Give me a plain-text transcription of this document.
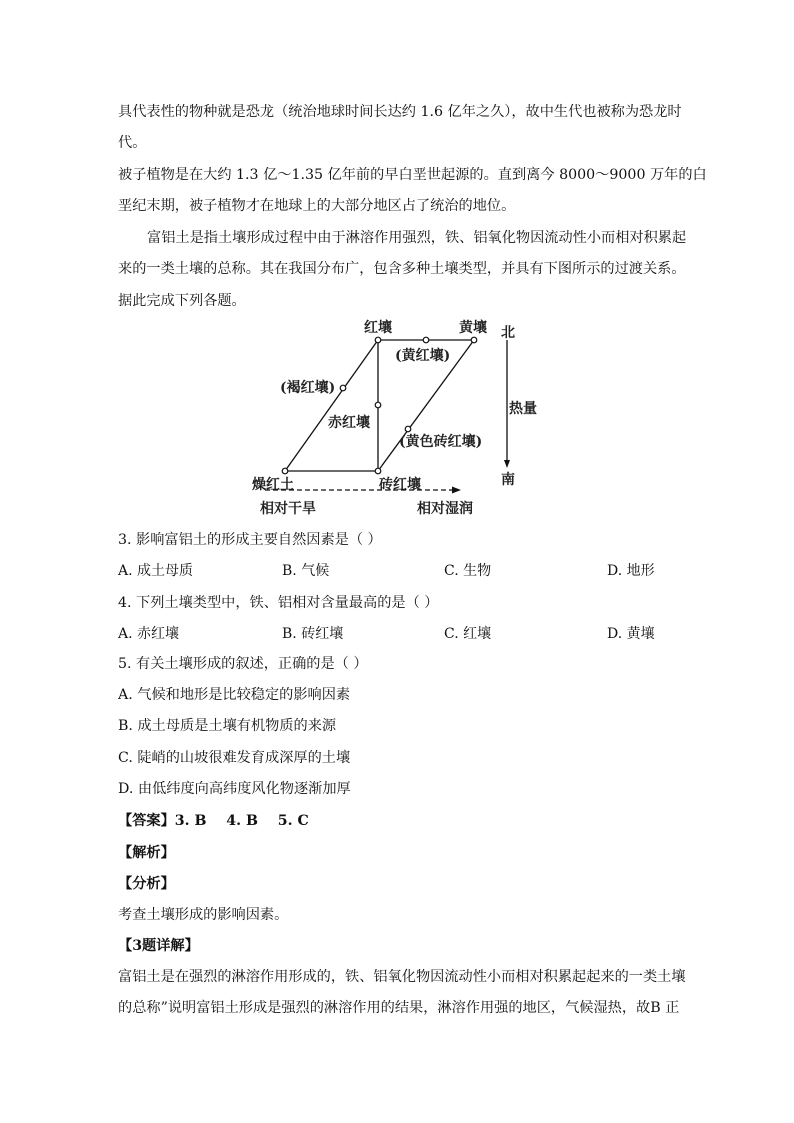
具代表性的物种就是恐龙（统治地球时间长达约 1.6 亿年之久），故中生代也被称为恐龙时
代。
被子植物是在大约 1.3 亿～1.35 亿年前的早白垩世起源的。直到离今 8000～9000 万年的白
垩纪末期，被子植物才在地球上的大部分地区占了统治的地位。
富铝土是指土壤形成过程中由于淋溶作用强烈，铁、铝氧化物因流动性小而相对积累起
来的一类土壤的总称。其在我国分布广，包含多种土壤类型，并具有下图所示的过渡关系。
据此完成下列各题。
红壤	黄壤
(黄红壤)
(褐红壤)
赤红壤
(黄色砖红壤)
燥红土	砖红壤
北
热量
南
相对干旱	相对湿润
3. 影响富铝土的形成主要自然因素是（ ）
A. 成土母质	B. 气候	C. 生物	D. 地形
4. 下列土壤类型中，铁、铝相对含量最高的是（ ）
A. 赤红壤	B. 砖红壤	C. 红壤	D. 黄壤
5. 有关土壤形成的叙述，正确的是（ ）
A. 气候和地形是比较稳定的影响因素
B. 成土母质是土壤有机物质的来源
C. 陡峭的山坡很难发育成深厚的土壤
D. 由低纬度向高纬度风化物逐渐加厚
【答案】3. B    4. B    5. C
【解析】
【分析】
考查土壤形成的影响因素。
【3题详解】
富铝土是在强烈的淋溶作用形成的，铁、铝氧化物因流动性小而相对积累起起来的一类土壤
的总称”说明富铝土形成是强烈的淋溶作用的结果，淋溶作用强的地区，气候湿热，故B 正
